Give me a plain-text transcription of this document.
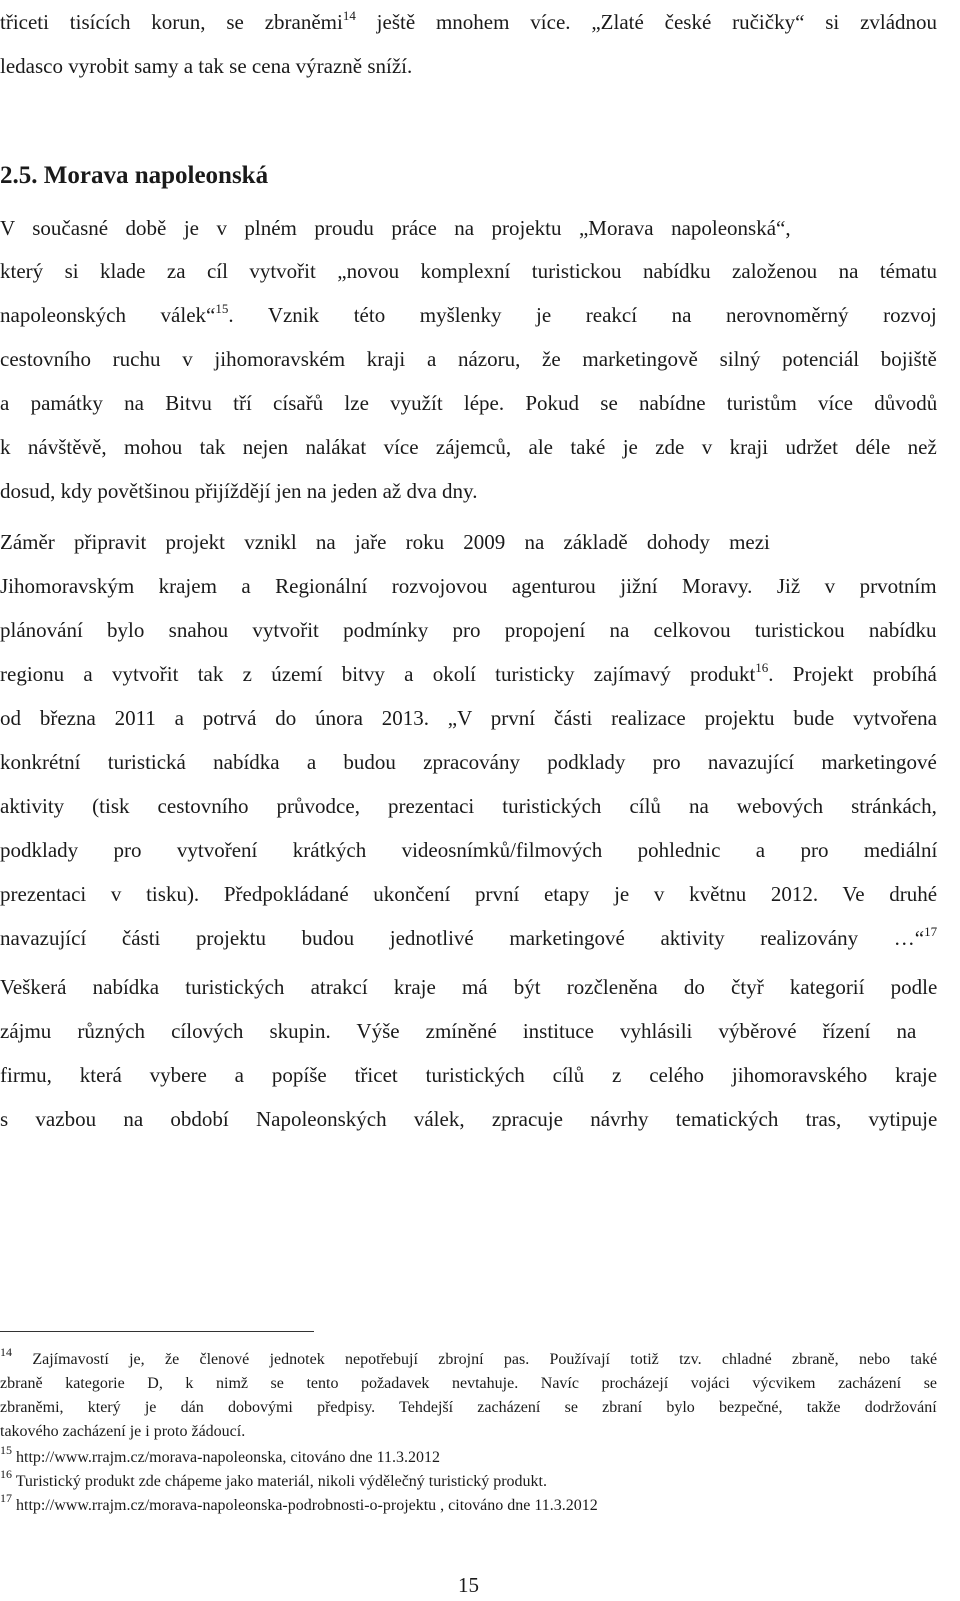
třiceti tisících korun, se zbraněmi$^{14}$ ještě mnohem více. „Zlaté české ručičky“ si zvládnou
ledasco vyrobit samy a tak se cena výrazně sníží.
2.5. Morava napoleonská
V současné době je v plném proudu práce na projektu „Morava napoleonská“,
který si klade za cíl vytvořit „novou komplexní turistickou nabídku založenou na tématu
napoleonských válek“$^{15}$. Vznik této myšlenky je reakcí na nerovnoměrný rozvoj
cestovního ruchu v jihomoravském kraji a názoru, že marketingově silný potenciál bojiště
a památky na Bitvu tří císařů lze využít lépe. Pokud se nabídne turistům více důvodů
k návštěvě, mohou tak nejen nalákat více zájemců, ale také je zde v kraji udržet déle než
dosud, kdy povětšinou přijíždějí jen na jeden až dva dny.
Záměr připravit projekt vznikl na jaře roku 2009 na základě dohody mezi
Jihomoravským krajem a Regionální rozvojovou agenturou jižní Moravy. Již v prvotním
plánování bylo snahou vytvořit podmínky pro propojení na celkovou turistickou nabídku
regionu a vytvořit tak z území bitvy a okolí turisticky zajímavý produkt$^{16}$. Projekt probíhá
od března 2011 a potrvá do února 2013. „V první části realizace projektu bude vytvořena
konkrétní turistická nabídka a budou zpracovány podklady pro navazující marketingové
aktivity (tisk cestovního průvodce, prezentaci turistických cílů na webových stránkách,
podklady pro vytvoření krátkých videosnímků/filmových pohlednic a pro mediální
prezentaci v tisku). Předpokládané ukončení první etapy je v květnu 2012. Ve druhé
navazující části projektu budou jednotlivé marketingové aktivity realizovány …“$^{17}$
Veškerá nabídka turistických atrakcí kraje má být rozčleněna do čtyř kategorií podle
zájmu různých cílových skupin. Výše zmíněné instituce vyhlásili výběrové řízení na
firmu, která vybere a popíše třicet turistických cílů z celého jihomoravského kraje
s vazbou na období Napoleonských válek, zpracuje návrhy tematických tras, vytipuje
$^{14}$ Zajímavostí je, že členové jednotek nepotřebují zbrojní pas. Používají totiž tzv. chladné zbraně, nebo také
zbraně kategorie D, k nimž se tento požadavek nevtahuje. Navíc procházejí vojáci výcvikem zacházení se
zbraněmi, který je dán dobovými předpisy. Tehdejší zacházení se zbraní bylo bezpečné, takže dodržování
takového zacházení je i proto žádoucí.
$^{15}$ http://www.rrajm.cz/morava-napoleonska, citováno dne 11.3.2012
$^{16}$ Turistický produkt zde chápeme jako materiál, nikoli výdělečný turistický produkt.
$^{17}$ http://www.rrajm.cz/morava-napoleonska-podrobnosti-o-projektu , citováno dne 11.3.2012
15
